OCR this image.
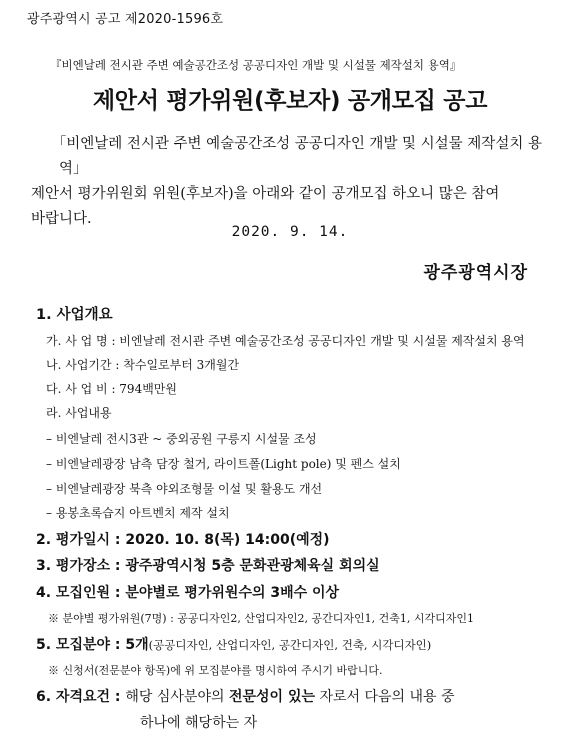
광주광역시 공고 제2020-1596호
『비엔날레 전시관 주변 예술공간조성 공공디자인 개발 및 시설물 제작설치 용역』
제안서 평가위원(후보자) 공개모집 공고
｢비엔날레 전시관 주변 예술공간조성 공공디자인 개발 및 시설물 제작설치 용역｣
제안서 평가위원회 위원(후보자)을 아래와 같이 공개모집 하오니 많은 참여
바랍니다.
2020. 9. 14.
광주광역시장
1. 사업개요
가. 사 업 명 : 비엔날레 전시관 주변 예술공간조성 공공디자인 개발 및 시설물 제작설치 용역
나. 사업기간 : 착수일로부터 3개월간
다. 사 업 비 : 794백만원
라. 사업내용
– 비엔날레 전시3관 ~ 중외공원 구릉지 시설물 조성
– 비엔날레광장 남측 담장 철거, 라이트폴(Light pole) 및 펜스 설치
– 비엔날레광장 북측 야외조형물 이설 및 활용도 개선
– 용봉초록습지 아트벤치 제작 설치
2. 평가일시 : 2020. 10. 8(목) 14:00(예정)
3. 평가장소 : 광주광역시청 5층 문화관광체육실 회의실
4. 모집인원 : 분야별로 평가위원수의 3배수 이상
※ 분야별 평가위원(7명) : 공공디자인2, 산업디자인2, 공간디자인1, 건축1, 시각디자인1
5. 모집분야 : 5개(공공디자인, 산업디자인, 공간디자인, 건축, 시각디자인)
※ 신청서(전문분야 항목)에 위 모집분야를 명시하여 주시기 바랍니다.
6. 자격요건 : 해당 심사분야의 전문성이 있는 자로서 다음의 내용 중
하나에 해당하는 자
